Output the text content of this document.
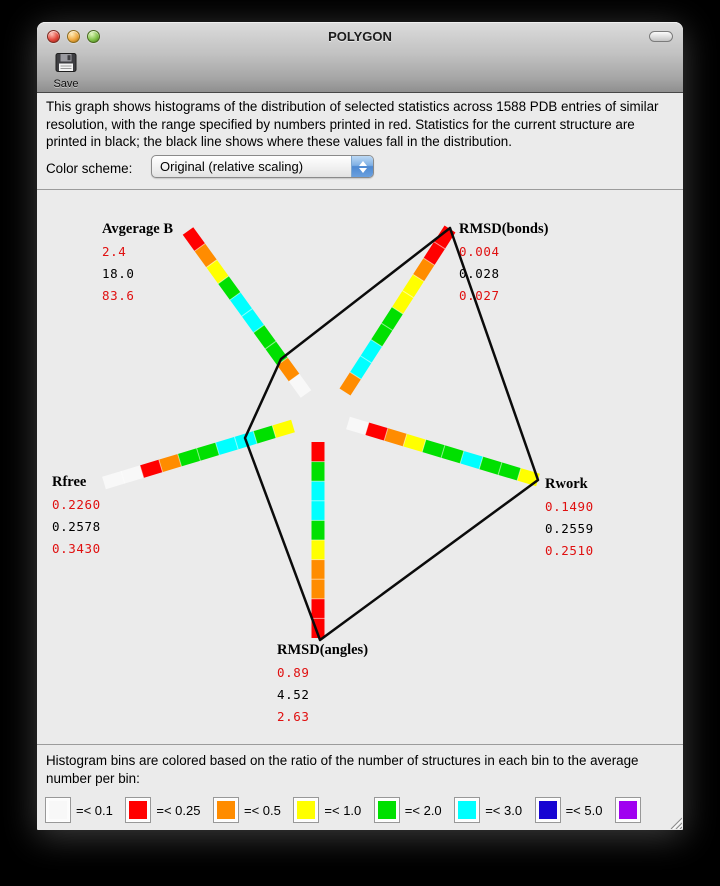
POLYGON
Save
This graph shows histograms of the distribution of selected statistics across 1588 PDB entries of similar resolution, with the range specified by numbers printed in red. Statistics for the current structure are printed in black; the black line shows where these values fall in the distribution.
Color scheme:	Original (relative scaling)
Avgerage B
2.4
18.0
83.6
RMSD(bonds)
0.004
0.028
0.027
Rwork
0.1490
0.2559
0.2510
RMSD(angles)
0.89
4.52
2.63
Rfree
0.2260
0.2578
0.3430
Histogram bins are colored based on the ratio of the number of structures in each bin to the average number per bin:
=< 0.1	=< 0.25	=< 0.5	=< 1.0	=< 2.0	=< 3.0	=< 5.0
